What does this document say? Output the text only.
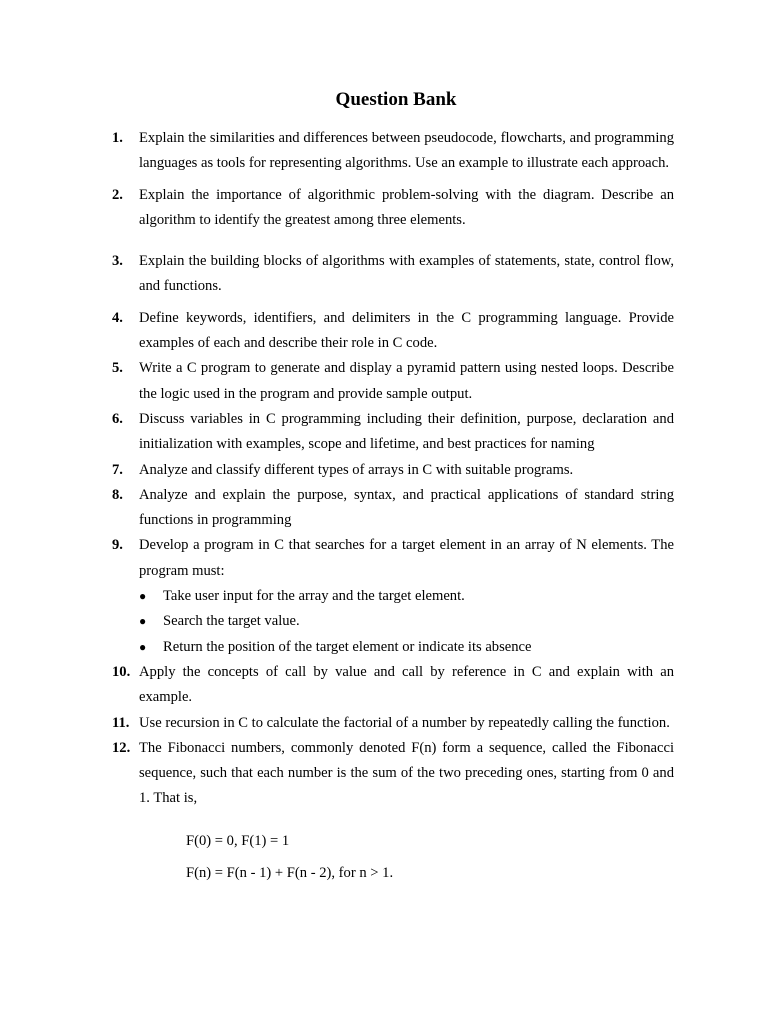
Question Bank
1.	Explain the similarities and differences between pseudocode, flowcharts, and programming languages as tools for representing algorithms. Use an example to illustrate each approach.
2.	Explain the importance of algorithmic problem-solving with the diagram. Describe an algorithm to identify the greatest among three elements.
3.	Explain the building blocks of algorithms with examples of statements, state, control flow, and functions.
4.	Define keywords, identifiers, and delimiters in the C programming language. Provide examples of each and describe their role in C code.
5.	Write a C program to generate and display a pyramid pattern using nested loops. Describe the logic used in the program and provide sample output.
6.	Discuss variables in C programming including their definition, purpose, declaration and initialization with examples, scope and lifetime, and best practices for naming
7.	Analyze and classify different types of arrays in C with suitable programs.
8.	Analyze and explain the purpose, syntax, and practical applications of standard string functions in programming
9.	Develop a program in C that searches for a target element in an array of N elements. The program must:
●	Take user input for the array and the target element.
●	Search the target value.
●	Return the position of the target element or indicate its absence
10. Apply the concepts of call by value and call by reference in C and explain with an example.
11. Use recursion in C to calculate the factorial of a number by repeatedly calling the function.
12. The Fibonacci numbers, commonly denoted F(n) form a sequence, called the Fibonacci sequence, such that each number is the sum of the two preceding ones, starting from 0 and 1. That is,
F(0) = 0, F(1) = 1
F(n) = F(n - 1) + F(n - 2), for n > 1.
